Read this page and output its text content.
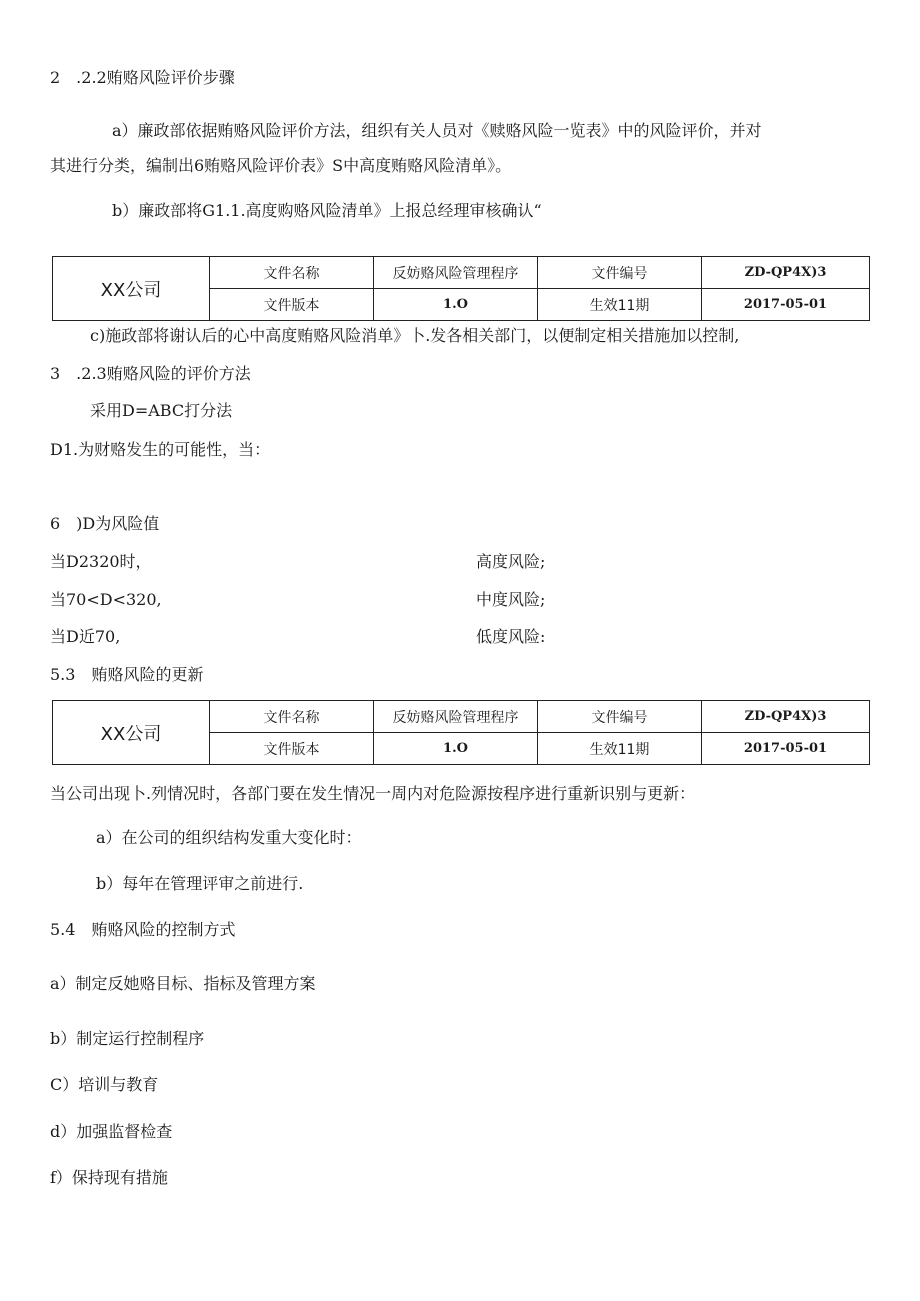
2　.2.2贿赂风险评价步骤
a）廉政部依据贿赂风险评价方法，组织有关人员对《赎赂风险一览表》中的风险评价，并对
其进行分类，编制出6贿赂风险评价表》S中高度贿赂风险清单》。
b）廉政部将G1.1.高度购赂风险清单》上报总经理审核确认“
XX公司	文件名称	反妨赂风险管理程序	文件编号	ZD-QP4X)3
	文件版本	1.O	生效11期	2017-05-01
c)施政部将谢认后的心中高度贿赂风险消单》卜.发各相关部门，以便制定相关措施加以控制,
3　.2.3贿赂风险的评价方法
采用D=ABC打分法
D1.为财赂发生的可能性，当：
6　)D为风险值
当D2320时，	高度风险;
当70<D<320,	中度风险;
当D近70,	低度风险:
5.3　贿赂风险的更新
XX公司	文件名称	反妨赂风险管理程序	文件编号	ZD-QP4X)3
	文件版本	1.O	生效11期	2017-05-01
当公司出现卜.列情况时，各部门要在发生情况一周内对危险源按程序进行重新识别与更新：
a）在公司的组织结构发重大变化时：
b）每年在管理评审之前进行.
5.4　贿赂风险的控制方式
a）制定反她赂目标、指标及管理方案
b）制定运行控制程序
C）培训与教育
d）加强监督检查
f）保持现有措施
